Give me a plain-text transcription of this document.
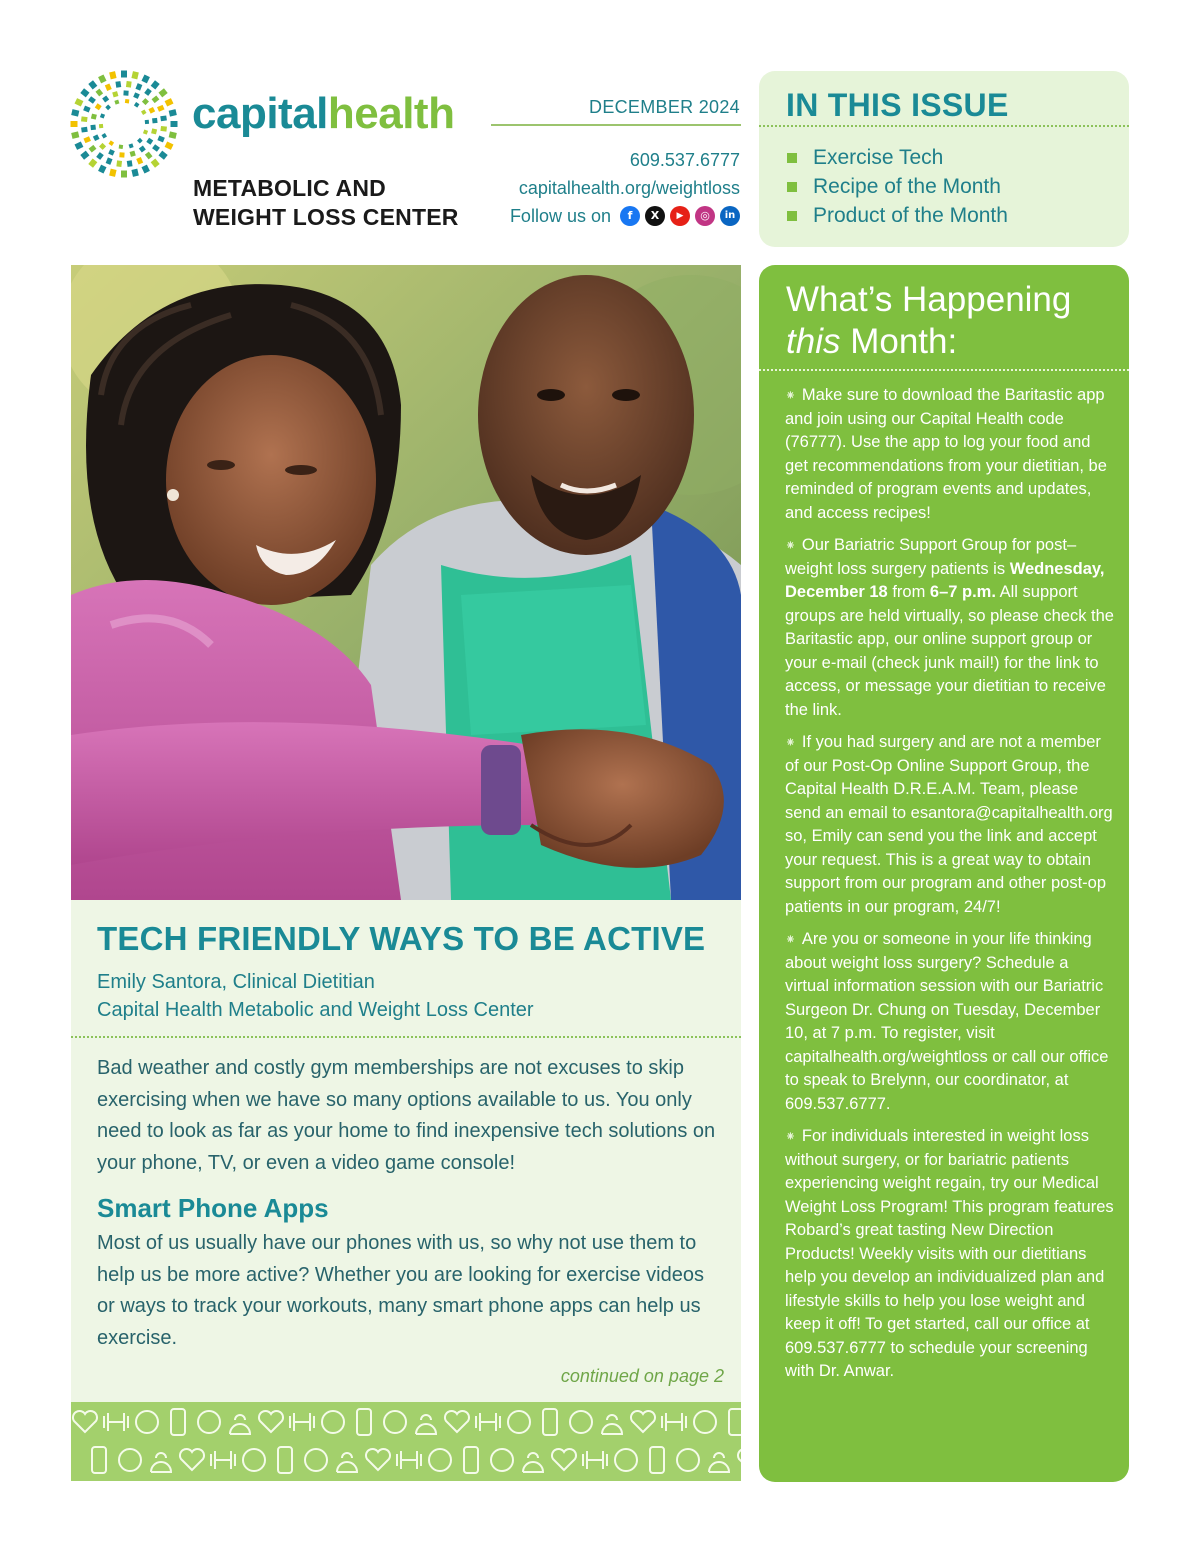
capitalhealth
METABOLIC AND
WEIGHT LOSS CENTER
DECEMBER 2024
609.537.6777
capitalhealth.org/weightloss
Follow us on	f	X	▶	◎	in
IN THIS ISSUE
Exercise Tech
Recipe of the Month
Product of the Month
TECH FRIENDLY WAYS TO BE ACTIVE
Emily Santora, Clinical Dietitian
Capital Health Metabolic and Weight Loss Center

Bad weather and costly gym memberships are not excuses to skip exercising when we have so many options available to us. You only need to look as far as your home to find inexpensive tech solutions on your phone, TV, or even a video game console!

Smart Phone Apps

Most of us usually have our phones with us, so why not use them to help us be more active? Whether you are looking for exercise videos or ways to track your workouts, many smart phone apps can help us exercise.

continued on page 2
What’s Happening
this Month:

⁕ Make sure to download the Baritastic app and join using our Capital Health code (76777). Use the app to log your food and get recommendations from your dietitian, be reminded of program events and updates, and access recipes!

⁕ Our Bariatric Support Group for post–weight loss surgery patients is Wednesday, December 18 from 6–7 p.m. All support groups are held virtually, so please check the Baritastic app, our online support group or your e-mail (check junk mail!) for the link to access, or message your dietitian to receive the link.

⁕ If you had surgery and are not a member of our Post-Op Online Support Group, the Capital Health D.R.E.A.M. Team, please send an email to esantora@capitalhealth.org so, Emily can send you the link and accept your request. This is a great way to obtain support from our program and other post-op patients in our program, 24/7!

⁕ Are you or someone in your life thinking about weight loss surgery? Schedule a virtual information session with our Bariatric Surgeon Dr. Chung on Tuesday, December 10, at 7 p.m. To register, visit capitalhealth.org/weightloss or call our office to speak to Brelynn, our coordinator, at 609.537.6777.

⁕ For individuals interested in weight loss without surgery, or for bariatric patients experiencing weight regain, try our Medical Weight Loss Program! This program features Robard’s great tasting New Direction Products! Weekly visits with our dietitians help you develop an individualized plan and lifestyle skills to help you lose weight and keep it off! To get started, call our office at 609.537.6777 to schedule your screening with Dr. Anwar.
